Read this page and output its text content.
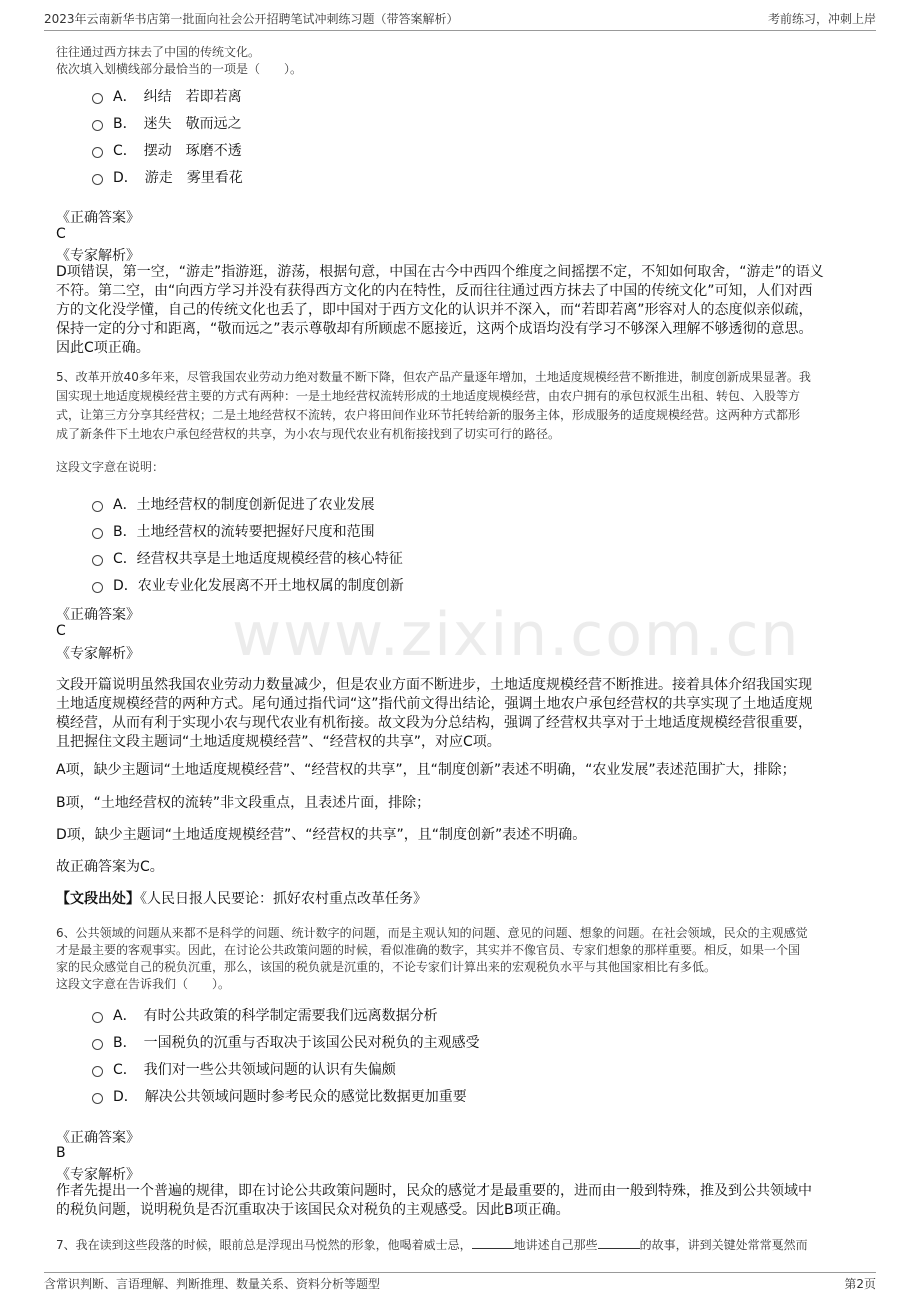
2023年云南新华书店第一批面向社会公开招聘笔试冲刺练习题（带答案解析）	考前练习，冲刺上岸
www.zixin.com.cn
往往通过西方抹去了中国的传统文化。
依次填入划横线部分最恰当的一项是（　　）。
A．　纠结　若即若离
B．　迷失　敬而远之
C．　摆动　琢磨不透
D．　游走　雾里看花
《正确答案》
C
《专家解析》
D项错误，第一空，“游走”指游逛，游荡，根据句意，中国在古今中西四个维度之间摇摆不定，不知如何取舍，“游走”的语义
不符。第二空，由“向西方学习并没有获得西方文化的内在特性，反而往往通过西方抹去了中国的传统文化”可知，人们对西
方的文化没学懂，自己的传统文化也丢了，即中国对于西方文化的认识并不深入，而“若即若离”形容对人的态度似亲似疏，
保持一定的分寸和距离，“敬而远之”表示尊敬却有所顾虑不愿接近，这两个成语均没有学习不够深入理解不够透彻的意思。
因此C项正确。
5、改革开放40多年来，尽管我国农业劳动力绝对数量不断下降，但农产品产量逐年增加，土地适度规模经营不断推进，制度创新成果显著。我
国实现土地适度规模经营主要的方式有两种：一是土地经营权流转形成的土地适度规模经营，由农户拥有的承包权派生出租、转包、入股等方
式，让第三方分享其经营权；二是土地经营权不流转，农户将田间作业环节托转给新的服务主体，形成服务的适度规模经营。这两种方式都形
成了新条件下土地农户承包经营权的共享，为小农与现代农业有机衔接找到了切实可行的路径。
这段文字意在说明：
A．土地经营权的制度创新促进了农业发展
B．土地经营权的流转要把握好尺度和范围
C．经营权共享是土地适度规模经营的核心特征
D．农业专业化发展离不开土地权属的制度创新
《正确答案》
C
《专家解析》
文段开篇说明虽然我国农业劳动力数量减少，但是农业方面不断进步，土地适度规模经营不断推进。接着具体介绍我国实现
土地适度规模经营的两种方式。尾句通过指代词“这”指代前文得出结论，强调土地农户承包经营权的共享实现了土地适度规
模经营，从而有利于实现小农与现代农业有机衔接。故文段为分总结构，强调了经营权共享对于土地适度规模经营很重要，
且把握住文段主题词“土地适度规模经营”、“经营权的共享”，对应C项。
A项，缺少主题词“土地适度规模经营”、“经营权的共享”，且“制度创新”表述不明确，“农业发展”表述范围扩大，排除；
B项，“土地经营权的流转”非文段重点，且表述片面，排除；
D项，缺少主题词“土地适度规模经营”、“经营权的共享”，且“制度创新”表述不明确。
故正确答案为C。
【文段出处】《人民日报人民要论：抓好农村重点改革任务》
6、公共领域的问题从来都不是科学的问题、统计数字的问题，而是主观认知的问题、意见的问题、想象的问题。在社会领域，民众的主观感觉
才是最主要的客观事实。因此，在讨论公共政策问题的时候，看似准确的数字，其实并不像官员、专家们想象的那样重要。相反，如果一个国
家的民众感觉自己的税负沉重，那么，该国的税负就是沉重的，不论专家们计算出来的宏观税负水平与其他国家相比有多低。
这段文字意在告诉我们（　　）。
A．　有时公共政策的科学制定需要我们远离数据分析
B．　一国税负的沉重与否取决于该国公民对税负的主观感受
C．　我们对一些公共领域问题的认识有失偏颇
D．　解决公共领域问题时参考民众的感觉比数据更加重要
《正确答案》
B
《专家解析》
作者先提出一个普遍的规律，即在讨论公共政策问题时，民众的感觉才是最重要的，进而由一般到特殊，推及到公共领域中
的税负问题，说明税负是否沉重取决于该国民众对税负的主观感受。因此B项正确。
7、我在读到这些段落的时候，眼前总是浮现出马悦然的形象，他喝着威士忌，	地讲述自己那些	的故事，讲到关键处常常戛然而
含常识判断、言语理解、判断推理、数量关系、资料分析等题型	第2页
